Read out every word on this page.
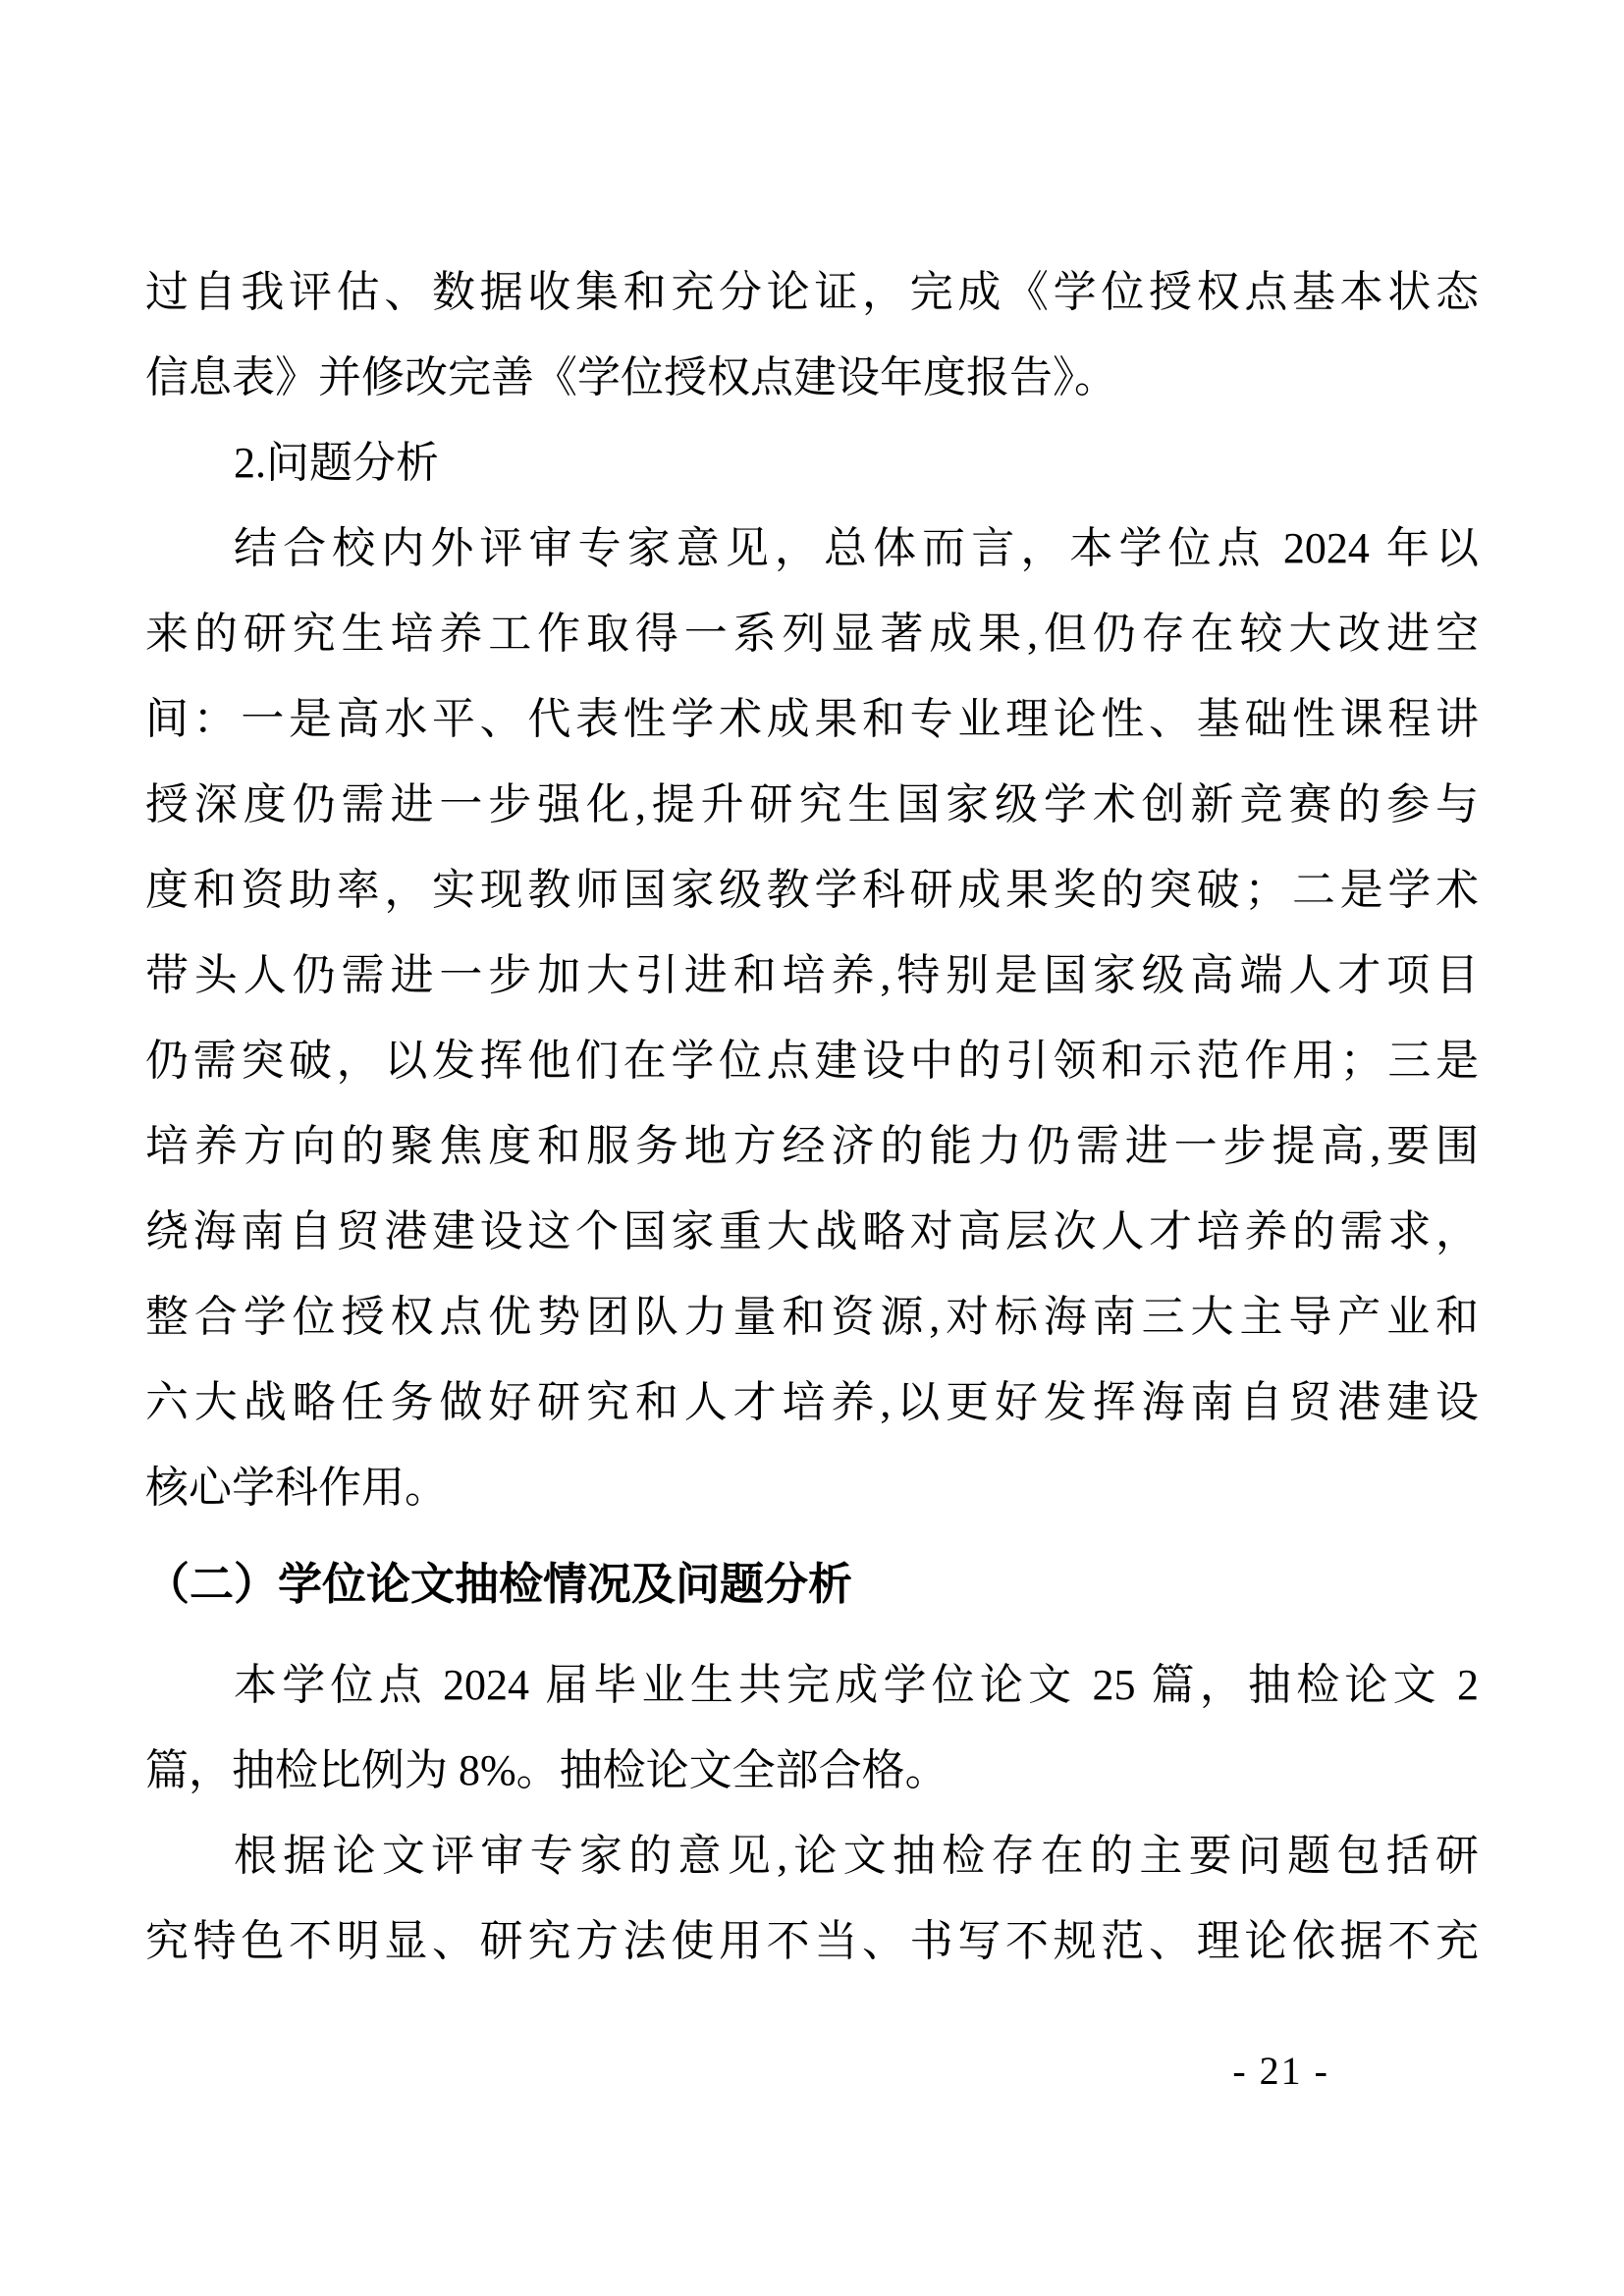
过自我评估、数据收集和充分论证，完成《学位授权点基本状态
信息表》并修改完善《学位授权点建设年度报告》。
2.问题分析
结合校内外评审专家意见，总体而言，本学位点 2024 年以
来的研究生培养工作取得一系列显著成果,但仍存在较大改进空
间：一是高水平、代表性学术成果和专业理论性、基础性课程讲
授深度仍需进一步强化,提升研究生国家级学术创新竞赛的参与
度和资助率，实现教师国家级教学科研成果奖的突破；二是学术
带头人仍需进一步加大引进和培养,特别是国家级高端人才项目
仍需突破，以发挥他们在学位点建设中的引领和示范作用；三是
培养方向的聚焦度和服务地方经济的能力仍需进一步提高,要围
绕海南自贸港建设这个国家重大战略对高层次人才培养的需求，
整合学位授权点优势团队力量和资源,对标海南三大主导产业和
六大战略任务做好研究和人才培养,以更好发挥海南自贸港建设
核心学科作用。
（二）学位论文抽检情况及问题分析
本学位点 2024 届毕业生共完成学位论文 25 篇，抽检论文 2
篇，抽检比例为 8%。抽检论文全部合格。
根据论文评审专家的意见,论文抽检存在的主要问题包括研
究特色不明显、研究方法使用不当、书写不规范、理论依据不充
- 21 -
